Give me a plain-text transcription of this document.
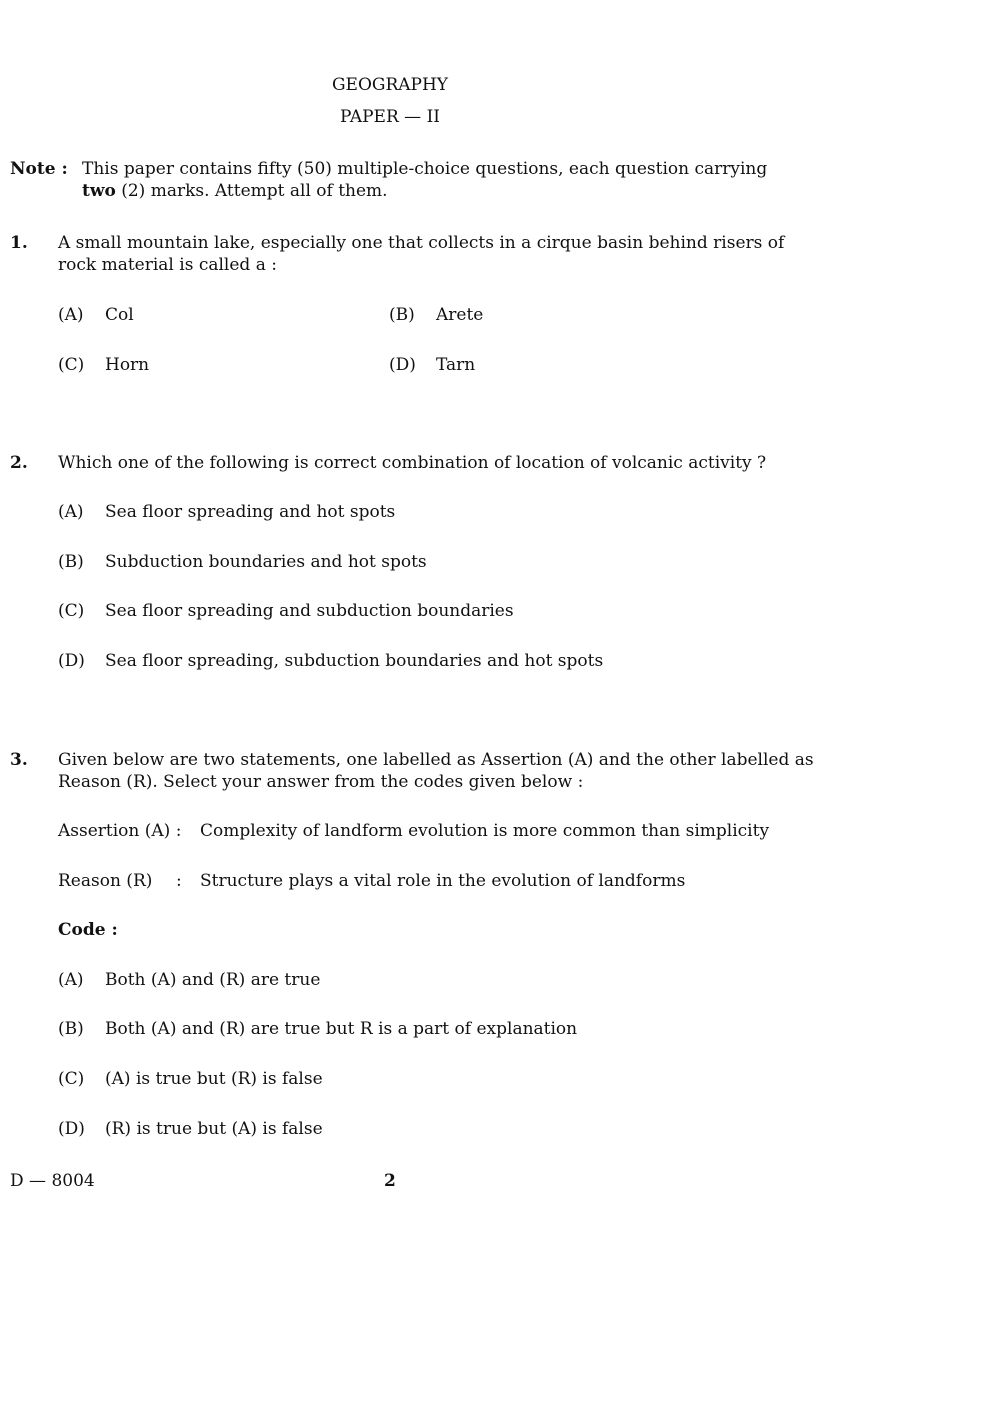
GEOGRAPHY
PAPER — II
Note : This paper contains fifty (50) multiple-choice questions, each question carrying
two (2) marks. Attempt all of them.
1. A small mountain lake, especially one that collects in a cirque basin behind risers of
rock material is called a :
(A) Col	(B) Arete
(C) Horn	(D) Tarn
2. Which one of the following is correct combination of location of volcanic activity ?
(A) Sea floor spreading and hot spots
(B) Subduction boundaries and hot spots
(C) Sea floor spreading and subduction boundaries
(D) Sea floor spreading, subduction boundaries and hot spots
3. Given below are two statements, one labelled as Assertion (A) and the other labelled as
Reason (R). Select your answer from the codes given below :
Assertion (A) : Complexity of landform evolution is more common than simplicity
Reason (R) : Structure plays a vital role in the evolution of landforms
Code :
(A) Both (A) and (R) are true
(B) Both (A) and (R) are true but R is a part of explanation
(C) (A) is true but (R) is false
(D) (R) is true but (A) is false
D — 8004	2
